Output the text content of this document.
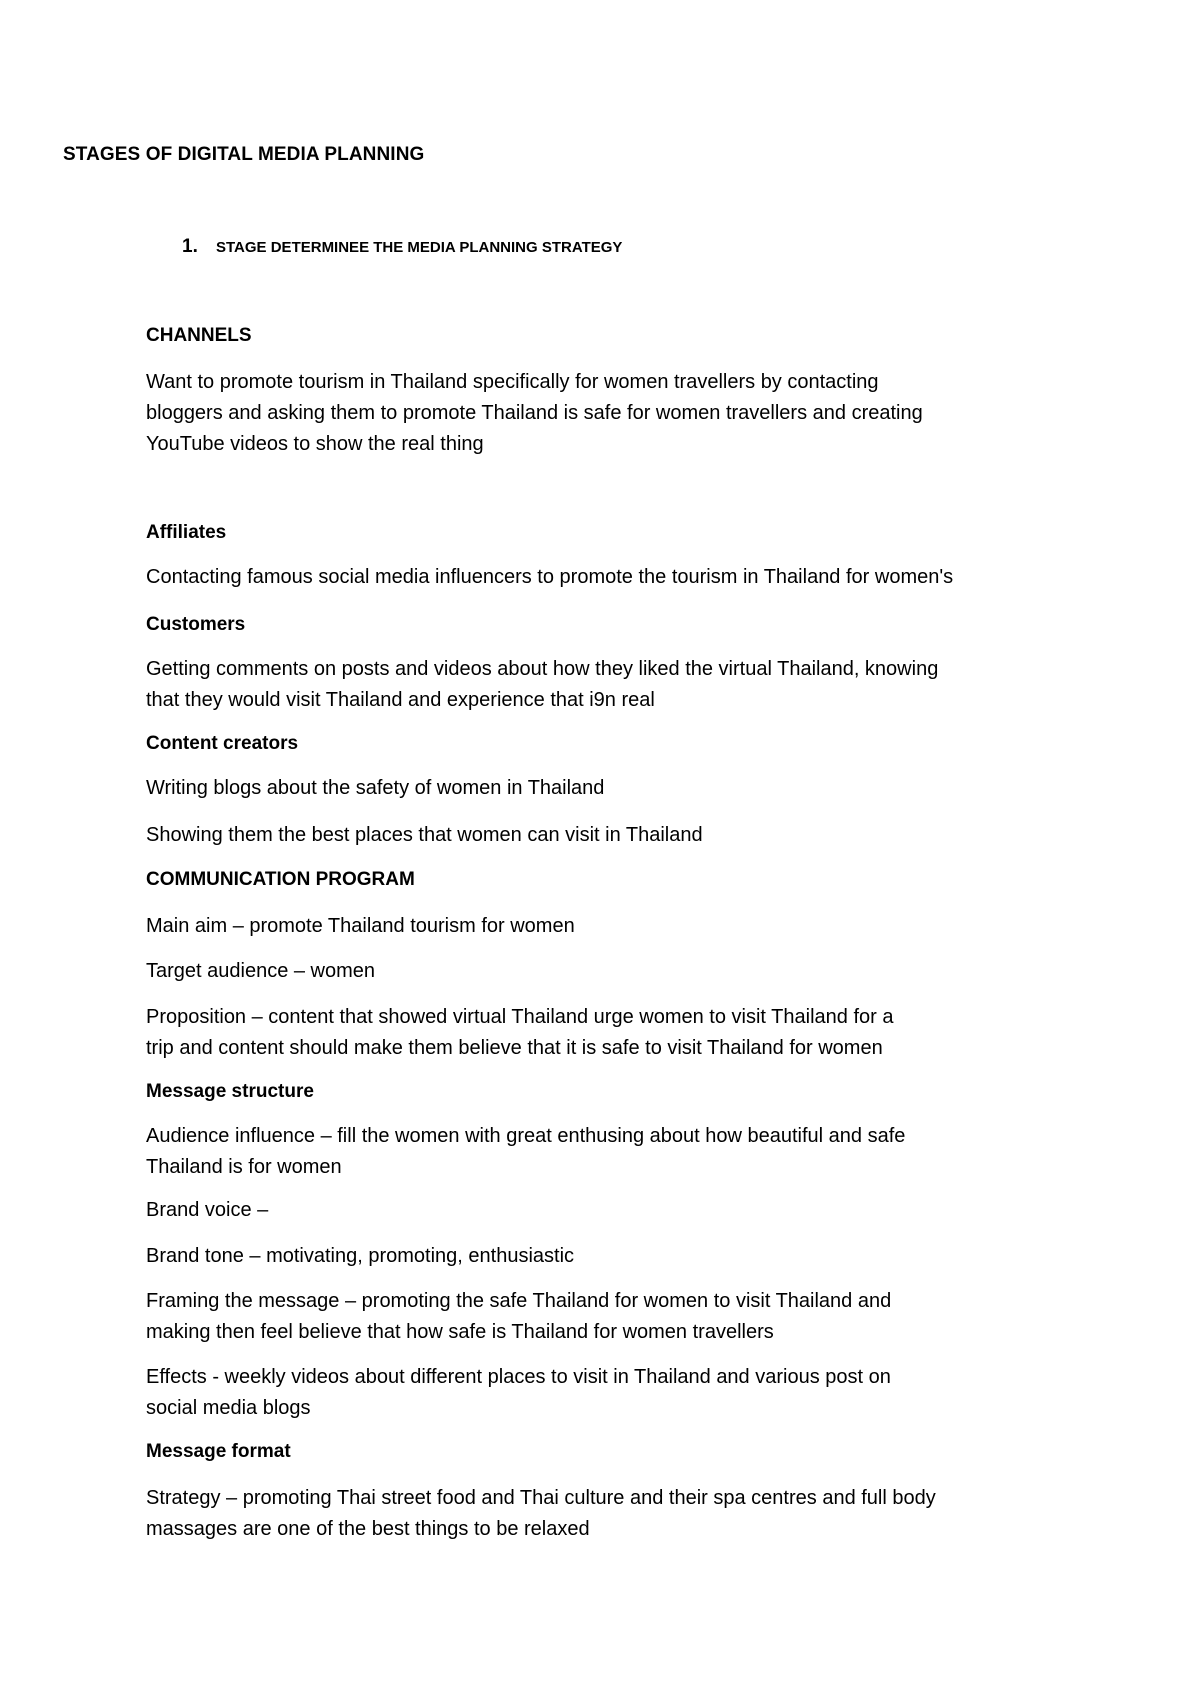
STAGES OF DIGITAL MEDIA PLANNING
1. STAGE DETERMINEE THE MEDIA PLANNING STRATEGY
CHANNELS
Want to promote tourism in Thailand specifically for women travellers by contacting
bloggers and asking them to promote Thailand is safe for women travellers and creating
YouTube videos to show the real thing
Affiliates
Contacting famous social media influencers to promote the tourism in Thailand for women's
Customers
Getting comments on posts and videos about how they liked the virtual Thailand, knowing
that they would visit Thailand and experience that i9n real
Content creators
Writing blogs about the safety of women in Thailand
Showing them the best places that women can visit in Thailand
COMMUNICATION PROGRAM
Main aim – promote Thailand tourism for women
Target audience – women
Proposition – content that showed virtual Thailand urge women to visit Thailand for a
trip and content should make them believe that it is safe to visit Thailand for women
Message structure
Audience influence – fill the women with great enthusing about how beautiful and safe
Thailand is for women
Brand voice –
Brand tone – motivating, promoting, enthusiastic
Framing the message – promoting the safe Thailand for women to visit Thailand and
making then feel believe that how safe is Thailand for women travellers
Effects - weekly videos about different places to visit in Thailand and various post on
social media blogs
Message format
Strategy – promoting Thai street food and Thai culture and their spa centres and full body
massages are one of the best things to be relaxed
